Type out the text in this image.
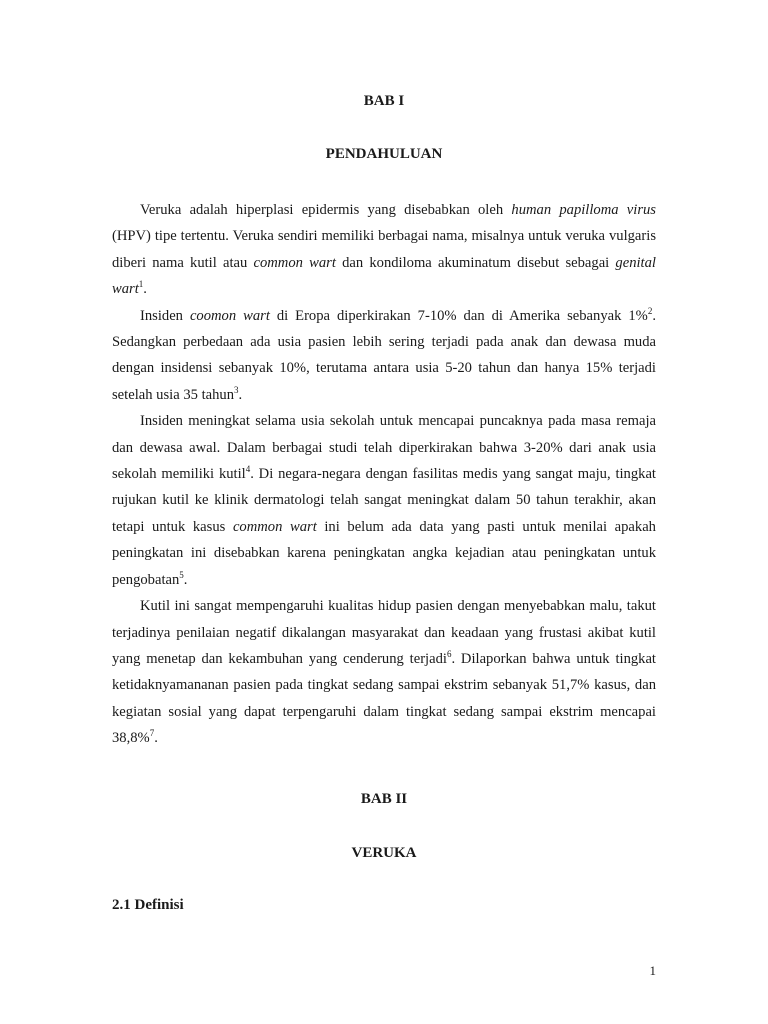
BAB I
PENDAHULUAN

Veruka adalah hiperplasi epidermis yang disebabkan oleh human papilloma virus (HPV) tipe tertentu. Veruka sendiri memiliki berbagai nama, misalnya untuk veruka vulgaris diberi nama kutil atau common wart dan kondiloma akuminatum disebut sebagai genital wart$^1$.

Insiden coomon wart di Eropa diperkirakan 7-10% dan di Amerika sebanyak 1%$^2$. Sedangkan perbedaan ada usia pasien lebih sering terjadi pada anak dan dewasa muda dengan insidensi sebanyak 10%, terutama antara usia 5-20 tahun dan hanya 15% terjadi setelah usia 35 tahun$^3$.

Insiden meningkat selama usia sekolah untuk mencapai puncaknya pada masa remaja dan dewasa awal. Dalam berbagai studi telah diperkirakan bahwa 3-20% dari anak usia sekolah memiliki kutil$^4$. Di negara-negara dengan fasilitas medis yang sangat maju, tingkat rujukan kutil ke klinik dermatologi telah sangat meningkat dalam 50 tahun terakhir, akan tetapi untuk kasus common wart ini belum ada data yang pasti untuk menilai apakah peningkatan ini disebabkan karena peningkatan angka kejadian atau peningkatan untuk pengobatan$^5$.

Kutil ini sangat mempengaruhi kualitas hidup pasien dengan menyebabkan malu, takut terjadinya penilaian negatif dikalangan masyarakat dan keadaan yang frustasi akibat kutil yang menetap dan kekambuhan yang cenderung terjadi$^6$. Dilaporkan bahwa untuk tingkat ketidaknyamananan pasien pada tingkat sedang sampai ekstrim sebanyak 51,7% kasus, dan kegiatan sosial yang dapat terpengaruhi dalam tingkat sedang sampai ekstrim mencapai 38,8%$^7$.

BAB II
VERUKA
2.1 Definisi
1
